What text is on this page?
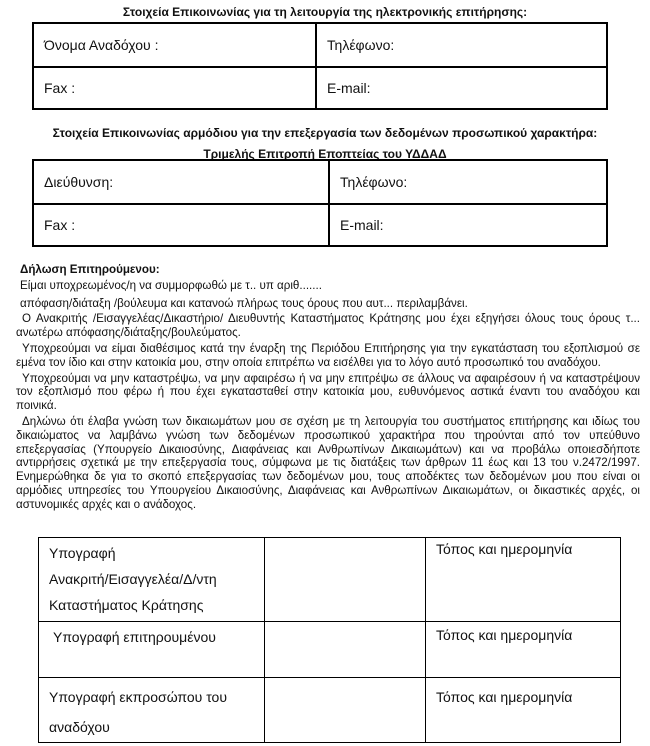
Στοιχεία Επικοινωνίας για τη λειτουργία της ηλεκτρονικής επιτήρησης:
Όνομα Αναδόχου :	Τηλέφωνο:
Fax :	E-mail:
Στοιχεία Επικοινωνίας αρμόδιου για την επεξεργασία των δεδομένων προσωπικού χαρακτήρα:
Τριμελής Επιτροπή Εποπτείας του ΥΔΔΑΔ
Διεύθυνση:	Τηλέφωνο:
Fax :	E-mail:

Δήλωση Επιτηρούμενου:

Είμαι υποχρεωμένος/η να συμμορφωθώ με τ.. υπ αριθ.......

απόφαση/διάταξη /βούλευμα και κατανοώ πλήρως τους όρους που αυτ... περιλαμβάνει.

Ο Ανακριτής /Εισαγγελέας/Δικαστήριο/ Διευθυντής Καταστήματος Κράτησης μου έχει εξηγήσει όλους τους όρους τ... ανωτέρω απόφασης/διάταξης/βουλεύματος.

Υποχρεούμαι να είμαι διαθέσιμος κατά την έναρξη της Περιόδου Επιτήρησης για την εγκατάσταση του εξοπλισμού σε εμένα τον ίδιο και στην κατοικία μου, στην οποία επιτρέπω να εισέλθει για το λόγο αυτό προσωπικό του αναδόχου.

Υποχρεούμαι να μην καταστρέψω, να μην αφαιρέσω ή να μην επιτρέψω σε άλλους να αφαιρέσουν ή να καταστρέψουν τον εξοπλισμό που φέρω ή που έχει εγκατασταθεί στην κατοικία μου, ευθυνόμενος αστικά έναντι του αναδόχου και ποινικά.

Δηλώνω ότι έλαβα γνώση των δικαιωμάτων μου σε σχέση με τη λειτουργία του συστήματος επιτήρησης και ιδίως του δικαιώματος να λαμβάνω γνώση των δεδομένων προσωπικού χαρακτήρα που τηρούνται από τον υπεύθυνο επεξεργασίας (Υπουργείο Δικαιοσύνης, Διαφάνειας και Ανθρωπίνων Δικαιωμάτων) και να προβάλω οποιεσδήποτε αντιρρήσεις σχετικά με την επεξεργασία τους, σύμφωνα με τις διατάξεις των άρθρων 11 έως και 13 του ν.2472/1997. Ενημερώθηκα δε για το σκοπό επεξεργασίας των δεδομένων μου, τους αποδέκτες των δεδομένων μου που είναι οι αρμόδιες υπηρεσίες του Υπουργείου Δικαιοσύνης, Διαφάνειας και Ανθρωπίνων Δικαιωμάτων, οι δικαστικές αρχές, οι αστυνομικές αρχές και ο ανάδοχος.

Υπογραφή
Ανακριτή/Εισαγγελέα/Δ/ντη
Καταστήματος Κράτησης		Τόπος και ημερομηνία

Υπογραφή επιτηρουμένου		Τόπος και ημερομηνία

Υπογραφή εκπροσώπου του
αναδόχου		Τόπος και ημερομηνία
